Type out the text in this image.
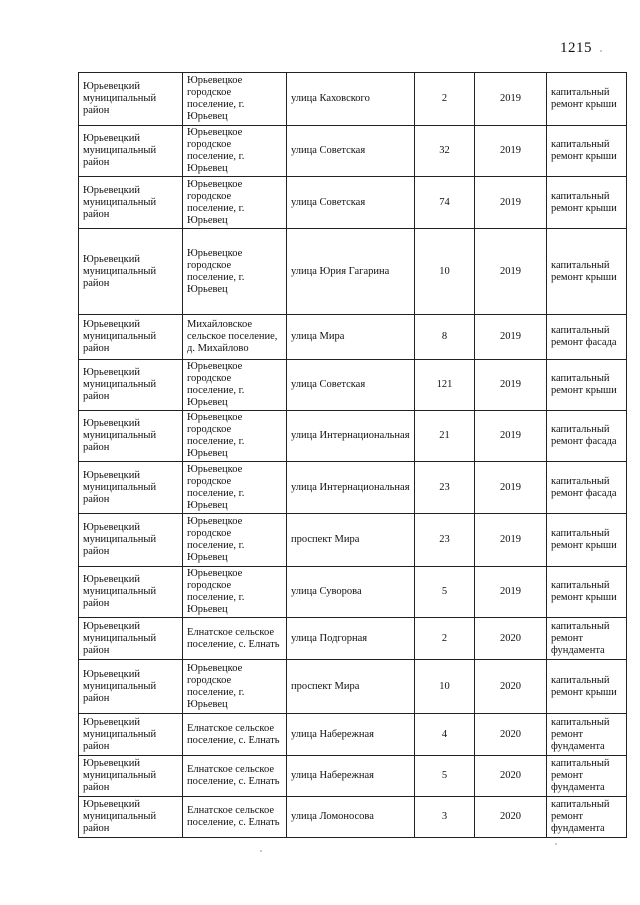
1215
Юрьевецкий муниципальный район	Юрьевецкое городское поселение, г. Юрьевец	улица Каховского	2	2019	капитальный ремонт крыши
Юрьевецкий муниципальный район	Юрьевецкое городское поселение, г. Юрьевец	улица Советская	32	2019	капитальный ремонт крыши
Юрьевецкий муниципальный район	Юрьевецкое городское поселение, г. Юрьевец	улица Советская	74	2019	капитальный ремонт крыши
Юрьевецкий муниципальный район	Юрьевецкое городское поселение, г. Юрьевец	улица Юрия Гагарина	10	2019	капитальный ремонт крыши
Юрьевецкий муниципальный район	Михайловское сельское поселение, д. Михайлово	улица Мира	8	2019	капитальный ремонт фасада
Юрьевецкий муниципальный район	Юрьевецкое городское поселение, г. Юрьевец	улица Советская	121	2019	капитальный ремонт крыши
Юрьевецкий муниципальный район	Юрьевецкое городское поселение, г. Юрьевец	улица Интернациональная	21	2019	капитальный ремонт фасада
Юрьевецкий муниципальный район	Юрьевецкое городское поселение, г. Юрьевец	улица Интернациональная	23	2019	капитальный ремонт фасада
Юрьевецкий муниципальный район	Юрьевецкое городское поселение, г. Юрьевец	проспект Мира	23	2019	капитальный ремонт крыши
Юрьевецкий муниципальный район	Юрьевецкое городское поселение, г. Юрьевец	улица Суворова	5	2019	капитальный ремонт крыши
Юрьевецкий муниципальный район	Елнатское сельское поселение, с. Елнать	улица Подгорная	2	2020	капитальный ремонт фундамента
Юрьевецкий муниципальный район	Юрьевецкое городское поселение, г. Юрьевец	проспект Мира	10	2020	капитальный ремонт крыши
Юрьевецкий муниципальный район	Елнатское сельское поселение, с. Елнать	улица Набережная	4	2020	капитальный ремонт фундамента
Юрьевецкий муниципальный район	Елнатское сельское поселение, с. Елнать	улица Набережная	5	2020	капитальный ремонт фундамента
Юрьевецкий муниципальный район	Елнатское сельское поселение, с. Елнать	улица Ломоносова	3	2020	капитальный ремонт фундамента
